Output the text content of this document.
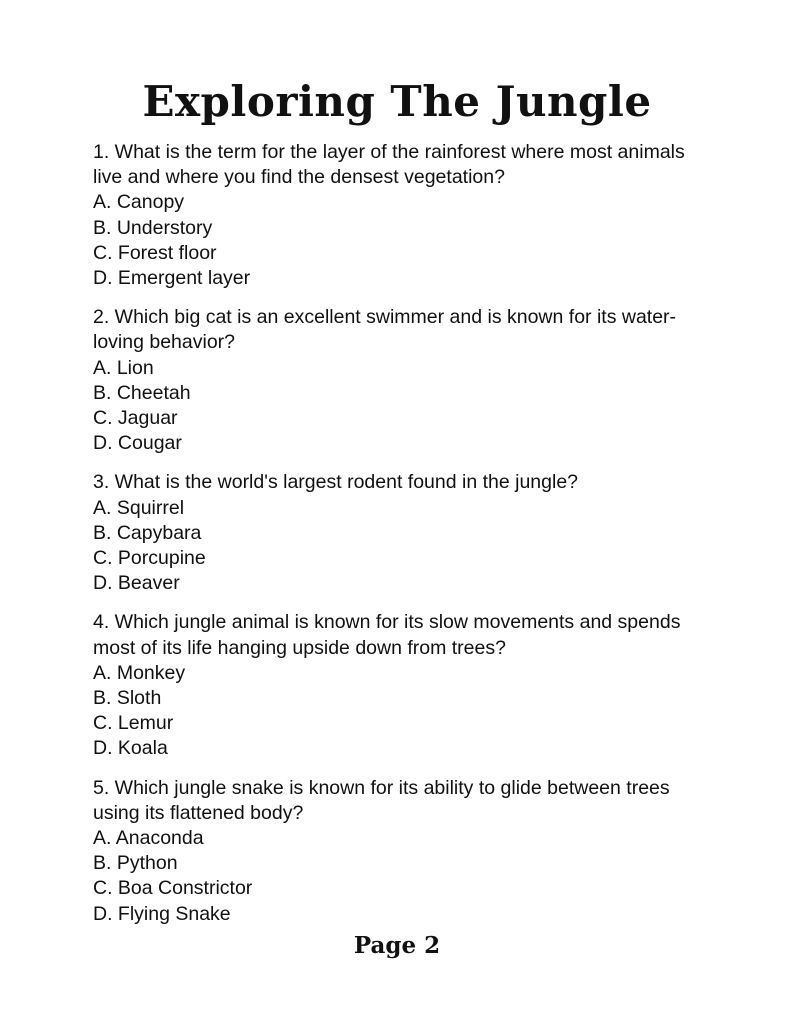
Exploring The Jungle

1. What is the term for the layer of the rainforest where most animals live and where you find the densest vegetation?

A. Canopy
B. Understory
C. Forest floor
D. Emergent layer

2. Which big cat is an excellent swimmer and is known for its water-loving behavior?

A. Lion
B. Cheetah
C. Jaguar
D. Cougar

3. What is the world's largest rodent found in the jungle?

A. Squirrel
B. Capybara
C. Porcupine
D. Beaver

4. Which jungle animal is known for its slow movements and spends most of its life hanging upside down from trees?

A. Monkey
B. Sloth
C. Lemur
D. Koala

5. Which jungle snake is known for its ability to glide between trees using its flattened body?

A. Anaconda
B. Python
C. Boa Constrictor
D. Flying Snake
Page 2
